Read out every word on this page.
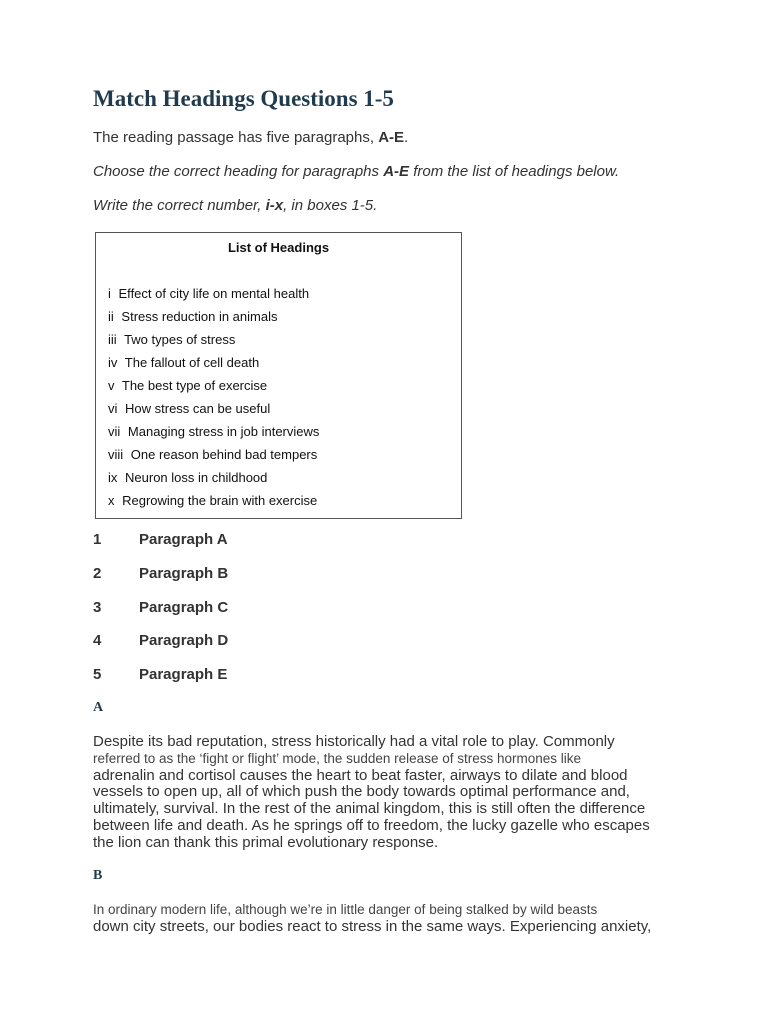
Match Headings Questions 1-5
The reading passage has five paragraphs, A-E.
Choose the correct heading for paragraphs A-E from the list of headings below.
Write the correct number, i-x, in boxes 1-5.
List of Headings
i Effect of city life on mental health
ii Stress reduction in animals
iii Two types of stress
iv The fallout of cell death
v The best type of exercise
vi How stress can be useful
vii Managing stress in job interviews
viii One reason behind bad tempers
ix Neuron loss in childhood
x Regrowing the brain with exercise
1	Paragraph A
2	Paragraph B
3	Paragraph C
4	Paragraph D
5	Paragraph E
A
Despite its bad reputation, stress historically had a vital role to play. Commonly
referred to as the ‘fight or flight’ mode, the sudden release of stress hormones like
adrenalin and cortisol causes the heart to beat faster, airways to dilate and blood
vessels to open up, all of which push the body towards optimal performance and,
ultimately, survival. In the rest of the animal kingdom, this is still often the difference
between life and death. As he springs off to freedom, the lucky gazelle who escapes
the lion can thank this primal evolutionary response.
B
In ordinary modern life, although we’re in little danger of being stalked by wild beasts
down city streets, our bodies react to stress in the same ways. Experiencing anxiety,
